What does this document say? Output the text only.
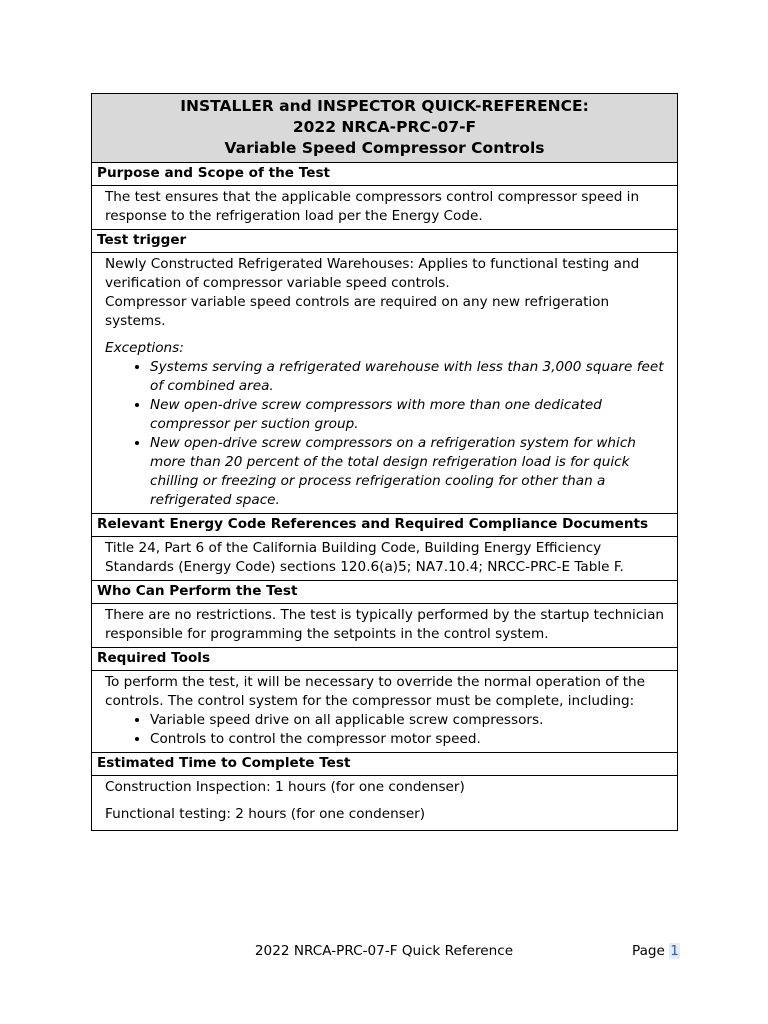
INSTALLER and INSPECTOR QUICK-REFERENCE:
2022 NRCA-PRC-07-F
Variable Speed Compressor Controls
Purpose and Scope of the Test

The test ensures that the applicable compressors control compressor speed in response to the refrigeration load per the Energy Code.

Test trigger

Newly Constructed Refrigerated Warehouses: Applies to functional testing and verification of compressor variable speed controls.

Compressor variable speed controls are required on any new refrigeration systems.

Exceptions:

• Systems serving a refrigerated warehouse with less than 3,000 square feet of combined area.
• New open-drive screw compressors with more than one dedicated compressor per suction group.
• New open-drive screw compressors on a refrigeration system for which more than 20 percent of the total design refrigeration load is for quick chilling or freezing or process refrigeration cooling for other than a refrigerated space.
Relevant Energy Code References and Required Compliance Documents

Title 24, Part 6 of the California Building Code, Building Energy Efficiency Standards (Energy Code) sections 120.6(a)5; NA7.10.4; NRCC-PRC-E Table F.

Who Can Perform the Test

There are no restrictions. The test is typically performed by the startup technician responsible for programming the setpoints in the control system.

Required Tools

To perform the test, it will be necessary to override the normal operation of the controls. The control system for the compressor must be complete, including:

• Variable speed drive on all applicable screw compressors.
• Controls to control the compressor motor speed.
Estimated Time to Complete Test

Construction Inspection: 1 hours (for one condenser)

Functional testing: 2 hours (for one condenser)

2022 NRCA-PRC-07-F Quick Reference	Page 1
